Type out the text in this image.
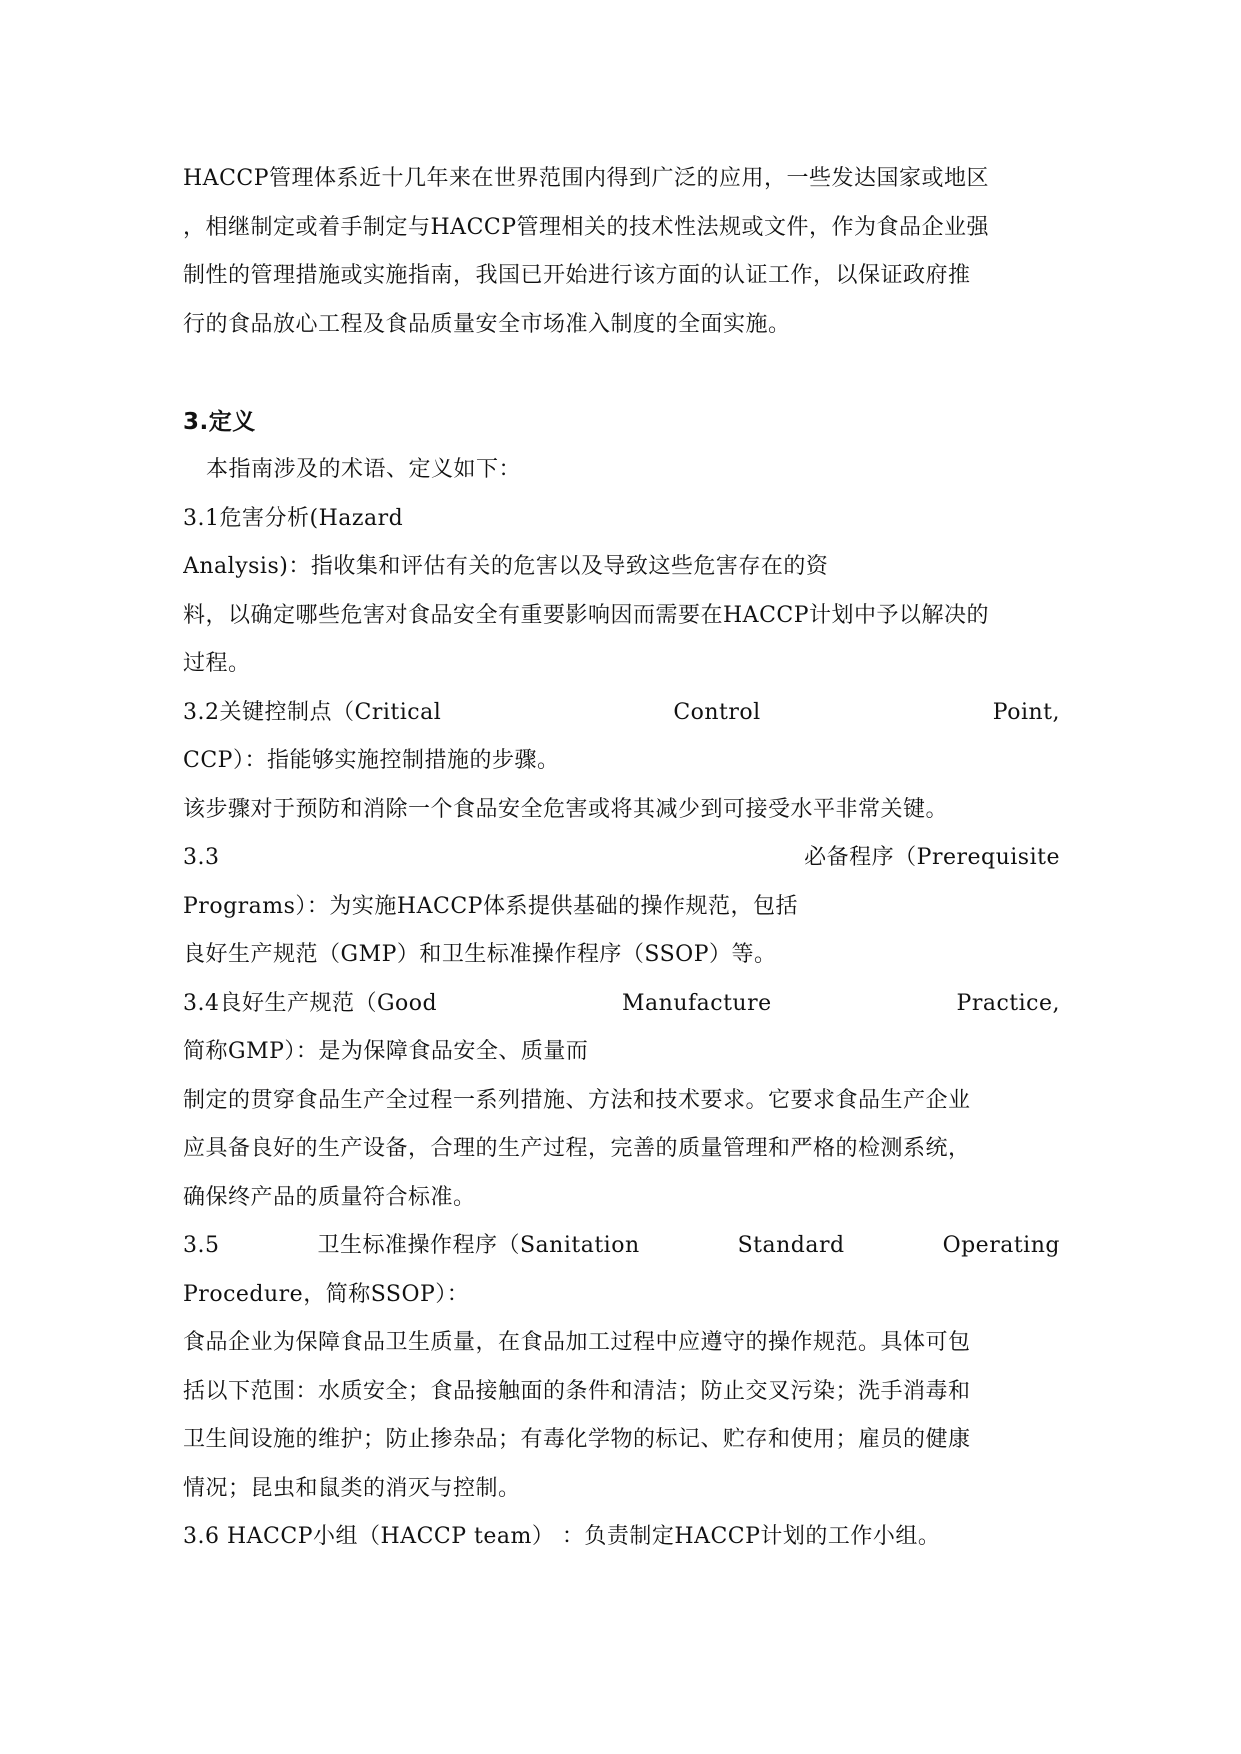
HACCP管理体系近十几年来在世界范围内得到广泛的应用，一些发达国家或地区
，相继制定或着手制定与HACCP管理相关的技术性法规或文件，作为食品企业强
制性的管理措施或实施指南，我国已开始进行该方面的认证工作，以保证政府推
行的食品放心工程及食品质量安全市场准入制度的全面实施。
3.定义
本指南涉及的术语、定义如下：
3.1危害分析(Hazard
Analysis)：指收集和评估有关的危害以及导致这些危害存在的资
料，以确定哪些危害对食品安全有重要影响因而需要在HACCP计划中予以解决的
过程。
3.2关键控制点（Critical	Control	Point,
CCP）：指能够实施控制措施的步骤。
该步骤对于预防和消除一个食品安全危害或将其减少到可接受水平非常关键。
3.3	必备程序（Prerequisite
Programs）：为实施HACCP体系提供基础的操作规范，包括
良好生产规范（GMP）和卫生标准操作程序（SSOP）等。
3.4良好生产规范（Good	Manufacture	Practice,
简称GMP）：是为保障食品安全、质量而
制定的贯穿食品生产全过程一系列措施、方法和技术要求。它要求食品生产企业
应具备良好的生产设备，合理的生产过程，完善的质量管理和严格的检测系统，
确保终产品的质量符合标准。
3.5	卫生标准操作程序（Sanitation	Standard	Operating
Procedure，简称SSOP）：
食品企业为保障食品卫生质量，在食品加工过程中应遵守的操作规范。具体可包
括以下范围：水质安全；食品接触面的条件和清洁；防止交叉污染；洗手消毒和
卫生间设施的维护；防止掺杂品；有毒化学物的标记、贮存和使用；雇员的健康
情况；昆虫和鼠类的消灭与控制。
3.6 HACCP小组（HACCP team） ：负责制定HACCP计划的工作小组。
